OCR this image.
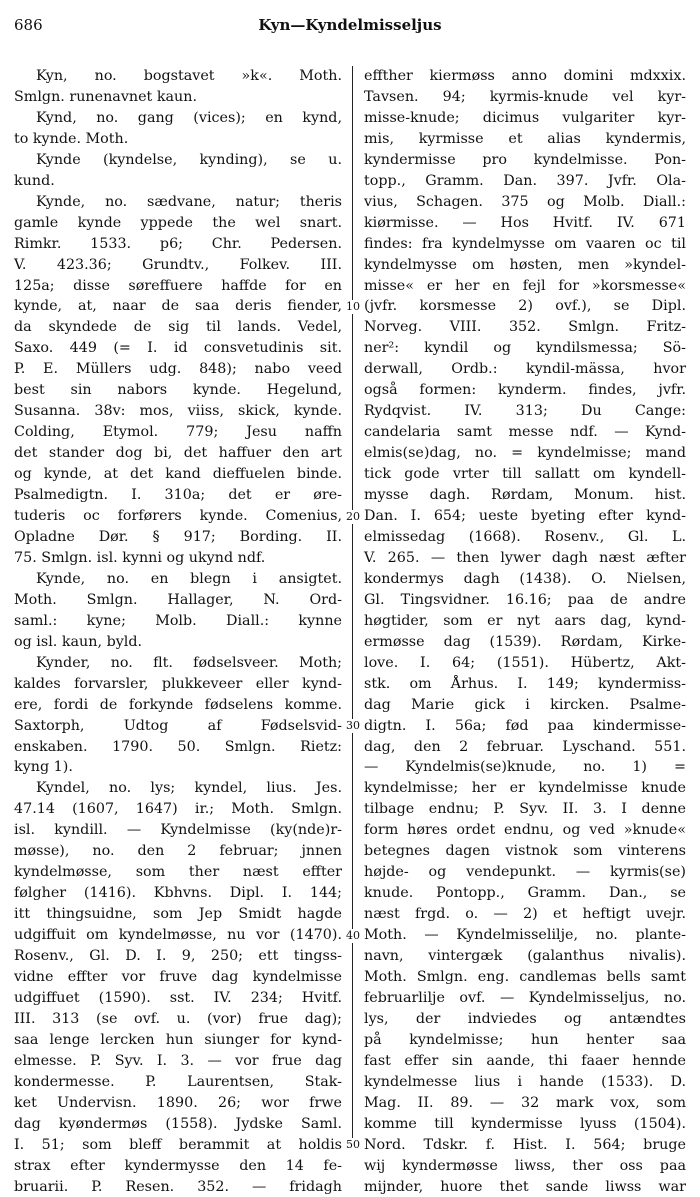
686	Kyn—Kyndelmisseljus
Kyn, no. bogstavet »k«. Moth.
Smlgn. runenavnet kaun.
Kynd, no. gang (vices); en kynd,
to kynde. Moth.
Kynde (kyndelse, kynding), se u.
kund.
Kynde, no. sædvane, natur; theris
gamle kynde yppede the wel snart.
Rimkr. 1533. p6; Chr. Pedersen.
V. 423.36; Grundtv., Folkev. III.
125a; disse søreffuere haffde for en
kynde, at, naar de saa deris fiender,
da skyndede de sig til lands. Vedel,
Saxo. 449 (= I. id consvetudinis sit.
P. E. Müllers udg. 848); nabo veed
best sin nabors kynde. Hegelund,
Susanna. 38v: mos, viiss, skick, kynde.
Colding, Etymol. 779; Jesu naffn
det stander dog bi, det haffuer den art
og kynde, at det kand dieffuelen binde.
Psalmedigtn. I. 310a; det er øre-
tuderis oc forførers kynde. Comenius,
Opladne Dør. § 917; Bording. II.
75. Smlgn. isl. kynni og ukynd ndf.
Kynde, no. en blegn i ansigtet.
Moth. Smlgn. Hallager, N. Ord-
saml.: kyne; Molb. Diall.: kynne
og isl. kaun, byld.
Kynder, no. flt. fødselsveer. Moth;
kaldes forvarsler, plukkeveer eller kynd-
ere, fordi de forkynde fødselens komme.
Saxtorph, Udtog af Fødselsvid-
enskaben. 1790. 50. Smlgn. Rietz:
kyng 1).
Kyndel, no. lys; kyndel, lius. Jes.
47.14 (1607, 1647) ir.; Moth. Smlgn.
isl. kyndill. — Kyndelmisse (ky(nde)r-
møsse), no. den 2 februar; jnnen
kyndelmøsse, som ther næst effter
følgher (1416). Kbhvns. Dipl. I. 144;
itt thingsuidne, som Jep Smidt hagde
udgiffuit om kyndelmøsse, nu vor (1470).
Rosenv., Gl. D. I. 9, 250; ett tingss-
vidne effter vor fruve dag kyndelmisse
udgiffuet (1590). sst. IV. 234; Hvitf.
III. 313 (se ovf. u. (vor) frue dag);
saa lenge lercken hun siunger for kynd-
elmesse. P. Syv. I. 3. — vor frue dag
kondermesse. P. Laurentsen, Stak-
ket Undervisn. 1890. 26; wor frwe
dag kyøndermøs (1558). Jydske Saml.
I. 51; som bleff berammit at holdis
strax efter kyndermysse den 14 fe-
bruarii. P. Resen. 352. — fridagh
effther kiermøss anno domini mdxxix.
Tavsen. 94; kyrmis-knude vel kyr-
misse-knude; dicimus vulgariter kyr-
mis, kyrmisse et alias kyndermis,
kyndermisse pro kyndelmisse. Pon-
topp., Gramm. Dan. 397. Jvfr. Ola-
vius, Schagen. 375 og Molb. Diall.:
kiørmisse. — Hos Hvitf. IV. 671
findes: fra kyndelmysse om vaaren oc til
kyndelmysse om høsten, men »kyndel-
misse« er her en fejl for »korsmesse«
(jvfr. korsmesse 2) ovf.), se Dipl.
Norveg. VIII. 352. Smlgn. Fritz-
ner²: kyndil og kyndilsmessa; Sö-
derwall, Ordb.: kyndil-mässa, hvor
også formen: kynderm. findes, jvfr.
Rydqvist. IV. 313; Du Cange:
candelaria samt messe ndf. — Kynd-
elmis(se)dag, no. = kyndelmisse; mand
tick gode vrter till sallatt om kyndell-
mysse dagh. Rørdam, Monum. hist.
Dan. I. 654; ueste byeting efter kynd-
elmissedag (1668). Rosenv., Gl. L.
V. 265. — then lywer dagh næst æfter
kondermys dagh (1438). O. Nielsen,
Gl. Tingsvidner. 16.16; paa de andre
høgtider, som er nyt aars dag, kynd-
ermøsse dag (1539). Rørdam, Kirke-
love. I. 64; (1551). Hübertz, Akt-
stk. om Århus. I. 149; kyndermiss-
dag Marie gick i kircken. Psalme-
digtn. I. 56a; fød paa kindermisse-
dag, den 2 februar. Lyschand. 551.
— Kyndelmis(se)knude, no. 1) =
kyndelmisse; her er kyndelmisse knude
tilbage endnu; P. Syv. II. 3. I denne
form høres ordet endnu, og ved »knude«
betegnes dagen vistnok som vinterens
højde- og vendepunkt. — kyrmis(se)
knude. Pontopp., Gramm. Dan., se
næst frgd. o. — 2) et heftigt uvejr.
Moth. — Kyndelmisselilje, no. plante-
navn, vintergæk (galanthus nivalis).
Moth. Smlgn. eng. candlemas bells samt
februarlilje ovf. — Kyndelmisseljus, no.
lys, der indviedes og antændtes
på kyndelmisse; hun henter saa
fast effer sin aande, thi faaer hennde
kyndelmesse lius i hande (1533). D.
Mag. II. 89. — 32 mark vox, som
komme till kyndermisse lyuss (1504).
Nord. Tdskr. f. Hist. I. 564; bruge
wij kyndermøsse liwss, ther oss paa
mijnder, huore thet sande liwss war
10
20
30
40
50
